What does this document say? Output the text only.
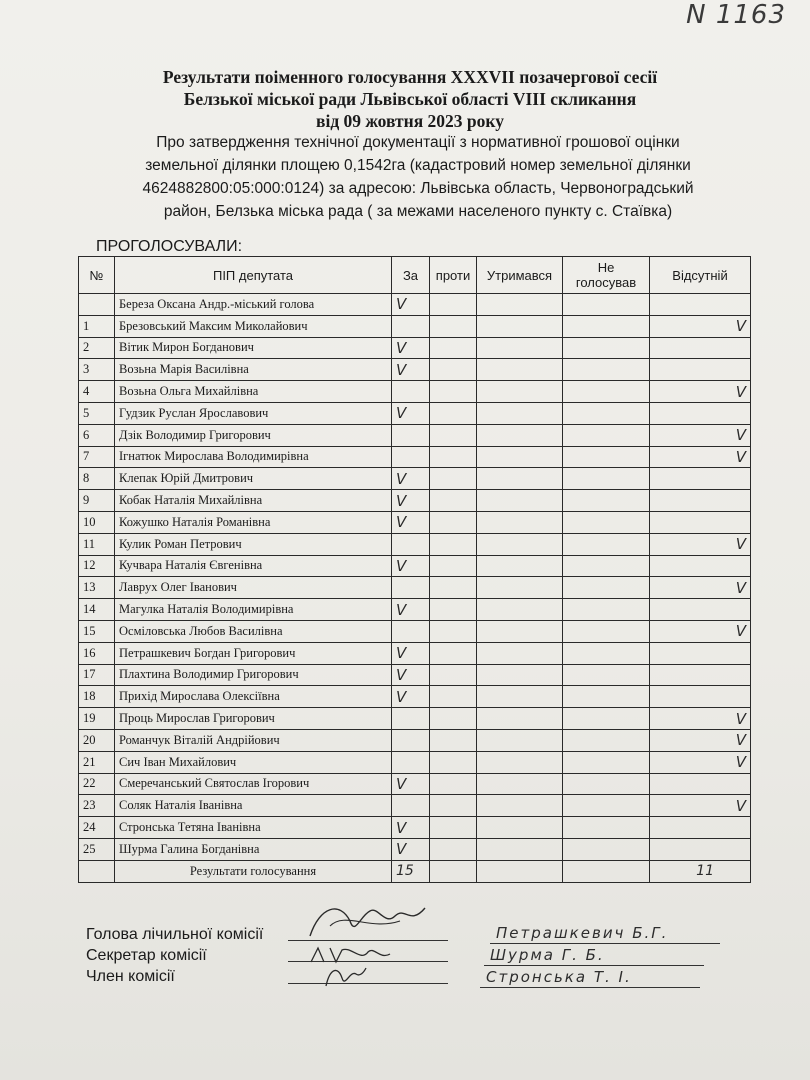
N 1163
Результати поіменного голосування XXXVII позачергової сесії
Белзької міської ради Львівської області VIII скликання
від 09 жовтня 2023 року
Про затвердження технічної документації з нормативної грошової оцінки
земельної ділянки площею 0,1542га (кадастровий номер земельної ділянки
4624882800:05:000:0124) за адресою: Львівська область, Червоноградський
район, Белзька міська рада ( за межами населеного пункту с. Стаївка)
ПРОГОЛОСУВАЛИ:
№	ПІП депутата	За	проти	Утримався	Не
голосував	Відсутній
	Береза Оксана Андр.-міський голова	V				
1	Брезовський Максим Миколайович					V
2	Вітик Мирон Богданович	V				
3	Возьна Марія Василівна	V				
4	Возьна Ольга Михайлівна					V
5	Гудзик Руслан Ярославович	V				
6	Дзік Володимир Григорович					V
7	Ігнатюк Мирослава Володимирівна					V
8	Клепак Юрій Дмитрович	V				
9	Кобак Наталія Михайлівна	V				
10	Кожушко Наталія Романівна	V				
11	Кулик Роман Петрович					V
12	Кучвара Наталія Євгенівна	V				
13	Лаврух Олег Іванович					V
14	Магулка Наталія Володимирівна	V				
15	Осміловська Любов Василівна					V
16	Петрашкевич Богдан Григорович	V				
17	Плахтина Володимир Григорович	V				
18	Прихід Мирослава Олексіївна	V				
19	Проць Мирослав Григорович					V
20	Романчук Віталій Андрійович					V
21	Сич Іван Михайлович					V
22	Смеречанський Святослав Ігорович	V				
23	Соляк Наталія Іванівна					V
24	Стронська Тетяна Іванівна	V				
25	Шурма Галина Богданівна	V				
	Результати голосування	15				11
Голова лічильної комісії
Секретар комісії
Член комісії
Петрашкевич Б.Г.
Шурма Г. Б.
Стронська Т. І.
